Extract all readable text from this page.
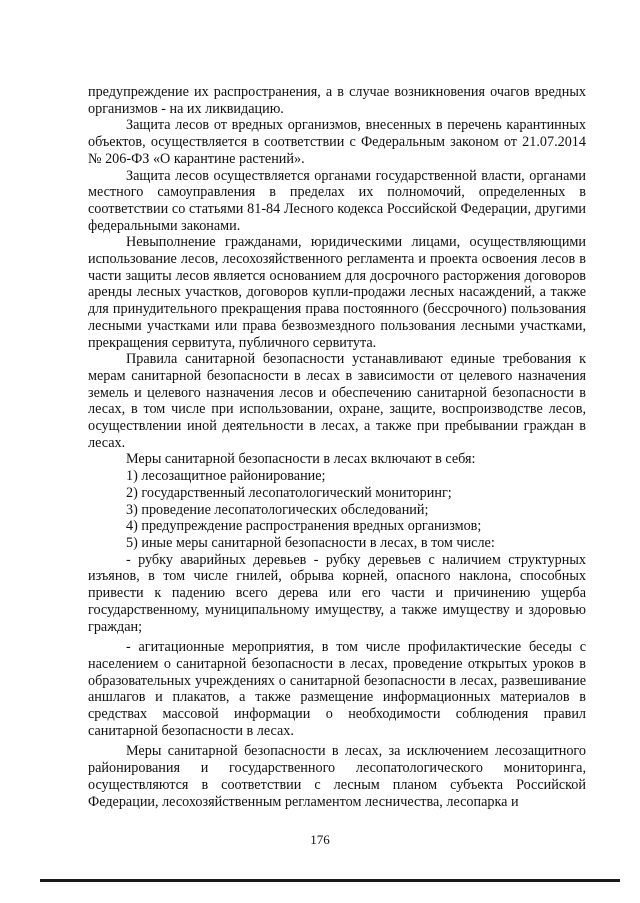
предупреждение их распространения, а в случае возникновения очагов вредных организмов - на их ликвидацию.

Защита лесов от вредных организмов, внесенных в перечень карантинных объектов, осуществляется в соответствии с Федеральным законом от 21.07.2014 № 206-ФЗ «О карантине растений».

Защита лесов осуществляется органами государственной власти, органами местного самоуправления в пределах их полномочий, определенных в соответствии со статьями 81-84 Лесного кодекса Российской Федерации, другими федеральными законами.

Невыполнение гражданами, юридическими лицами, осуществляющими использование лесов, лесохозяйственного регламента и проекта освоения лесов в части защиты лесов является основанием для досрочного расторжения договоров аренды лесных участков, договоров купли-продажи лесных насаждений, а также для принудительного прекращения права постоянного (бессрочного) пользования лесными участками или права безвозмездного пользования лесными участками, прекращения сервитута, публичного сервитута.

Правила санитарной безопасности устанавливают единые требования к мерам санитарной безопасности в лесах в зависимости от целевого назначения земель и целевого назначения лесов и обеспечению санитарной безопасности в лесах, в том числе при использовании, охране, защите, воспроизводстве лесов, осуществлении иной деятельности в лесах, а также при пребывании граждан в лесах.

Меры санитарной безопасности в лесах включают в себя:

1) лесозащитное районирование;

2) государственный лесопатологический мониторинг;

3) проведение лесопатологических обследований;

4) предупреждение распространения вредных организмов;

5) иные меры санитарной безопасности в лесах, в том числе:

- рубку аварийных деревьев - рубку деревьев с наличием структурных изъянов, в том числе гнилей, обрыва корней, опасного наклона, способных привести к падению всего дерева или его части и причинению ущерба государственному, муниципальному имуществу, а также имуществу и здоровью граждан;

- агитационные мероприятия, в том числе профилактические беседы с населением о санитарной безопасности в лесах, проведение открытых уроков в образовательных учреждениях о санитарной безопасности в лесах, развешивание аншлагов и плакатов, а также размещение информационных материалов в средствах массовой информации о необходимости соблюдения правил санитарной безопасности в лесах.

Меры санитарной безопасности в лесах, за исключением лесозащитного районирования и государственного лесопатологического мониторинга, осуществляются в соответствии с лесным планом субъекта Российской Федерации, лесохозяйственным регламентом лесничества, лесопарка и

176
